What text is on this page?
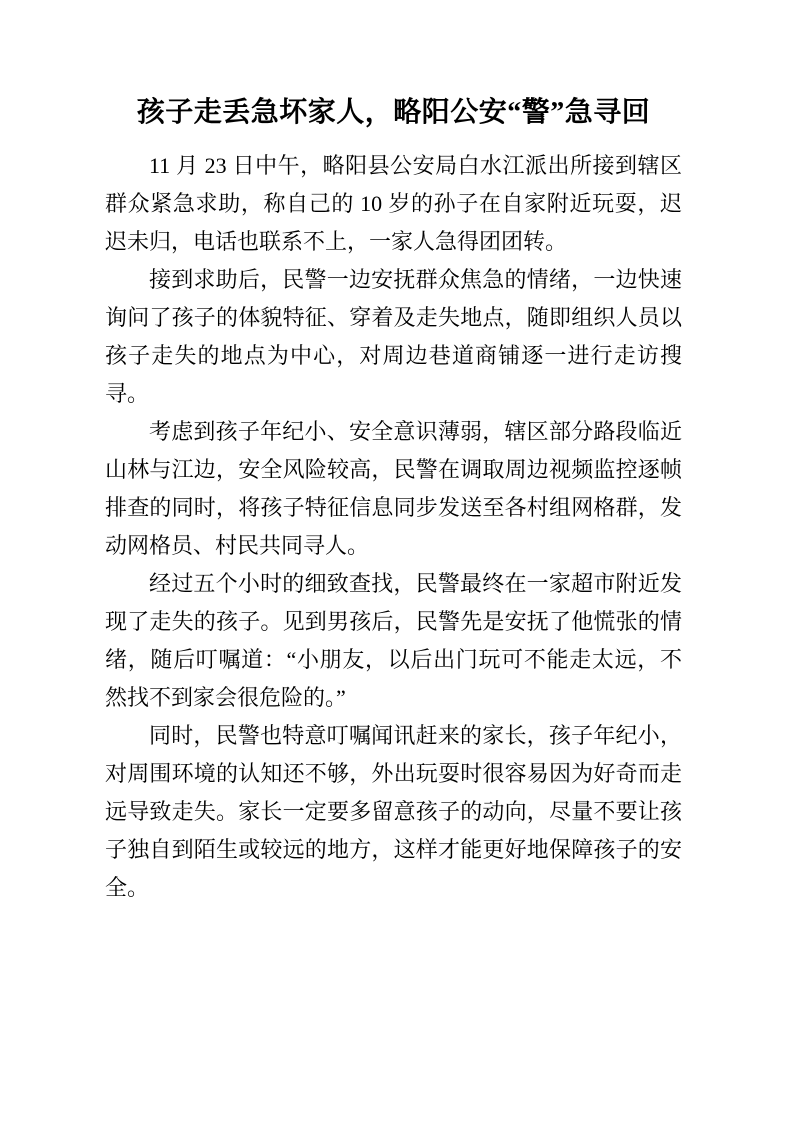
孩子走丢急坏家人，略阳公安“警”急寻回

11 月 23 日中午，略阳县公安局白水江派出所接到辖区群众紧急求助，称自己的 10 岁的孙子在自家附近玩耍，迟迟未归，电话也联系不上，一家人急得团团转。

接到求助后，民警一边安抚群众焦急的情绪，一边快速询问了孩子的体貌特征、穿着及走失地点，随即组织人员以孩子走失的地点为中心，对周边巷道商铺逐一进行走访搜寻。

考虑到孩子年纪小、安全意识薄弱，辖区部分路段临近山林与江边，安全风险较高，民警在调取周边视频监控逐帧排查的同时，将孩子特征信息同步发送至各村组网格群，发动网格员、村民共同寻人。

经过五个小时的细致查找，民警最终在一家超市附近发现了走失的孩子。见到男孩后，民警先是安抚了他慌张的情绪，随后叮嘱道：“小朋友，以后出门玩可不能走太远，不然找不到家会很危险的。”

同时，民警也特意叮嘱闻讯赶来的家长，孩子年纪小，对周围环境的认知还不够，外出玩耍时很容易因为好奇而走远导致走失。家长一定要多留意孩子的动向，尽量不要让孩子独自到陌生或较远的地方，这样才能更好地保障孩子的安全。
